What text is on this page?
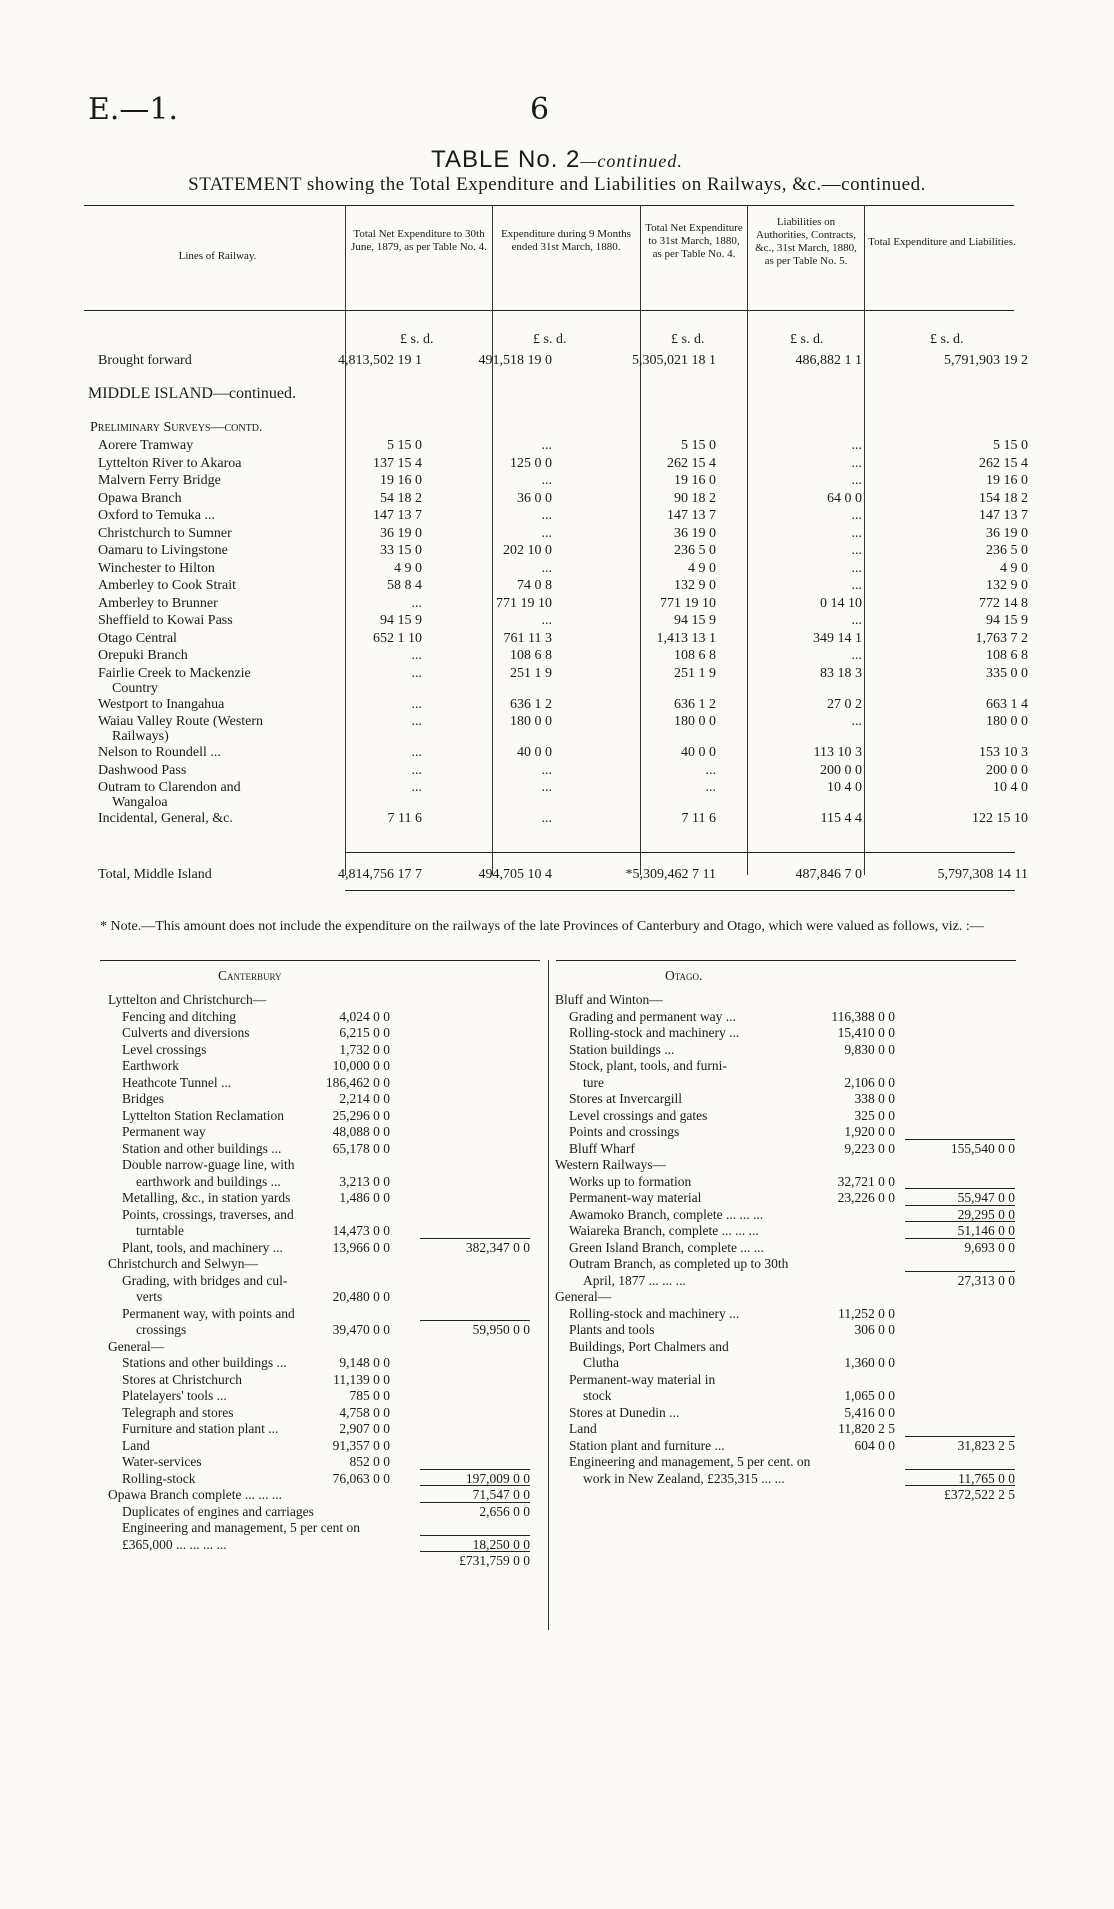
E.—1.	6
TABLE No. 2—continued.
STATEMENT showing the Total Expenditure and Liabilities on Railways, &c.—continued.
Lines of Railway.
Total Net Expenditure to 30th June, 1879, as per Table No. 4.
Expenditure during 9 Months ended 31st March, 1880.
Total Net Expenditure to 31st March, 1880, as per Table No. 4.
Liabilities on Authorities, Contracts, &c., 31st March, 1880, as per Table No. 5.
Total Expenditure and Liabilities.
£ s. d.	£ s. d.	£ s. d.	£ s. d.	£ s. d.
Brought forward	4,813,502 19 1	491,518 19 0	5,305,021 18 1	486,882 1 1	5,791,903 19 2
MIDDLE ISLAND—continued.
Preliminary Surveys—contd.
Aorere Tramway	5 15 0	...	5 15 0	...	5 15 0
Lyttelton River to Akaroa	137 15 4	125 0 0	262 15 4	...	262 15 4
Malvern Ferry Bridge	19 16 0	...	19 16 0	...	19 16 0
Opawa Branch	54 18 2	36 0 0	90 18 2	64 0 0	154 18 2
Oxford to Temuka ...	147 13 7	...	147 13 7	...	147 13 7
Christchurch to Sumner	36 19 0	...	36 19 0	...	36 19 0
Oamaru to Livingstone	33 15 0	202 10 0	236 5 0	...	236 5 0
Winchester to Hilton	4 9 0	...	4 9 0	...	4 9 0
Amberley to Cook Strait	58 8 4	74 0 8	132 9 0	...	132 9 0
Amberley to Brunner	...	771 19 10	771 19 10	0 14 10	772 14 8
Sheffield to Kowai Pass	94 15 9	...	94 15 9	...	94 15 9
Otago Central	652 1 10	761 11 3	1,413 13 1	349 14 1	1,763 7 2
Orepuki Branch	...	108 6 8	108 6 8	...	108 6 8
Fairlie Creek to Mackenzie
Country
...	251 1 9	251 1 9	83 18 3	335 0 0
Westport to Inangahua	...	636 1 2	636 1 2	27 0 2	663 1 4
Waiau Valley Route (Western
Railways)
...	180 0 0	180 0 0	...	180 0 0
Nelson to Roundell ...	...	40 0 0	40 0 0	113 10 3	153 10 3
Dashwood Pass	...	...	...	200 0 0	200 0 0
Outram to Clarendon and
Wangaloa
...	...	...	10 4 0	10 4 0
Incidental, General, &c.	7 11 6	...	7 11 6	115 4 4	122 15 10
Total, Middle Island	4,814,756 17 7	494,705 10 4	*5,309,462 7 11	487,846 7 0	5,797,308 14 11
* Note.—This amount does not include the expenditure on the railways of the late Provinces of Canterbury and Otago, which were valued as follows, viz. :—
Canterbury
Lyttelton and Christchurch—
Fencing and ditching	4,024 0 0
Culverts and diversions	6,215 0 0
Level crossings	1,732 0 0
Earthwork	10,000 0 0
Heathcote Tunnel ...	186,462 0 0
Bridges	2,214 0 0
Lyttelton Station Reclamation	25,296 0 0
Permanent way	48,088 0 0
Station and other buildings ...	65,178 0 0
Double narrow-guage line, with
earthwork and buildings ...	3,213 0 0
Metalling, &c., in station yards	1,486 0 0
Points, crossings, traverses, and
turntable	14,473 0 0
Plant, tools, and machinery ...	13,966 0 0	382,347 0 0
Christchurch and Selwyn—
Grading, with bridges and cul-
verts	20,480 0 0
Permanent way, with points and
crossings	39,470 0 0	59,950 0 0
General—
Stations and other buildings ...	9,148 0 0
Stores at Christchurch	11,139 0 0
Platelayers' tools ...	785 0 0
Telegraph and stores	4,758 0 0
Furniture and station plant ...	2,907 0 0
Land	91,357 0 0
Water-services	852 0 0
Rolling-stock	76,063 0 0	197,009 0 0
Opawa Branch complete ... ... ...	71,547 0 0
Duplicates of engines and carriages	2,656 0 0
Engineering and management, 5 per cent on
£365,000 ... ... ... ...	18,250 0 0
£731,759 0 0
Otago.
Bluff and Winton—
Grading and permanent way ...	116,388 0 0
Rolling-stock and machinery ...	15,410 0 0
Station buildings ...	9,830 0 0
Stock, plant, tools, and furni-
ture	2,106 0 0
Stores at Invercargill	338 0 0
Level crossings and gates	325 0 0
Points and crossings	1,920 0 0
Bluff Wharf	9,223 0 0	155,540 0 0
Western Railways—
Works up to formation	32,721 0 0
Permanent-way material	23,226 0 0	55,947 0 0
Awamoko Branch, complete ... ... ...	29,295 0 0
Waiareka Branch, complete ... ... ...	51,146 0 0
Green Island Branch, complete ... ...	9,693 0 0
Outram Branch, as completed up to 30th
April, 1877 ... ... ...	27,313 0 0
General—
Rolling-stock and machinery ...	11,252 0 0
Plants and tools	306 0 0
Buildings, Port Chalmers and
Clutha	1,360 0 0
Permanent-way material in
stock	1,065 0 0
Stores at Dunedin ...	5,416 0 0
Land	11,820 2 5
Station plant and furniture ...	604 0 0	31,823 2 5
Engineering and management, 5 per cent. on
work in New Zealand, £235,315 ... ...	11,765 0 0
£372,522 2 5
